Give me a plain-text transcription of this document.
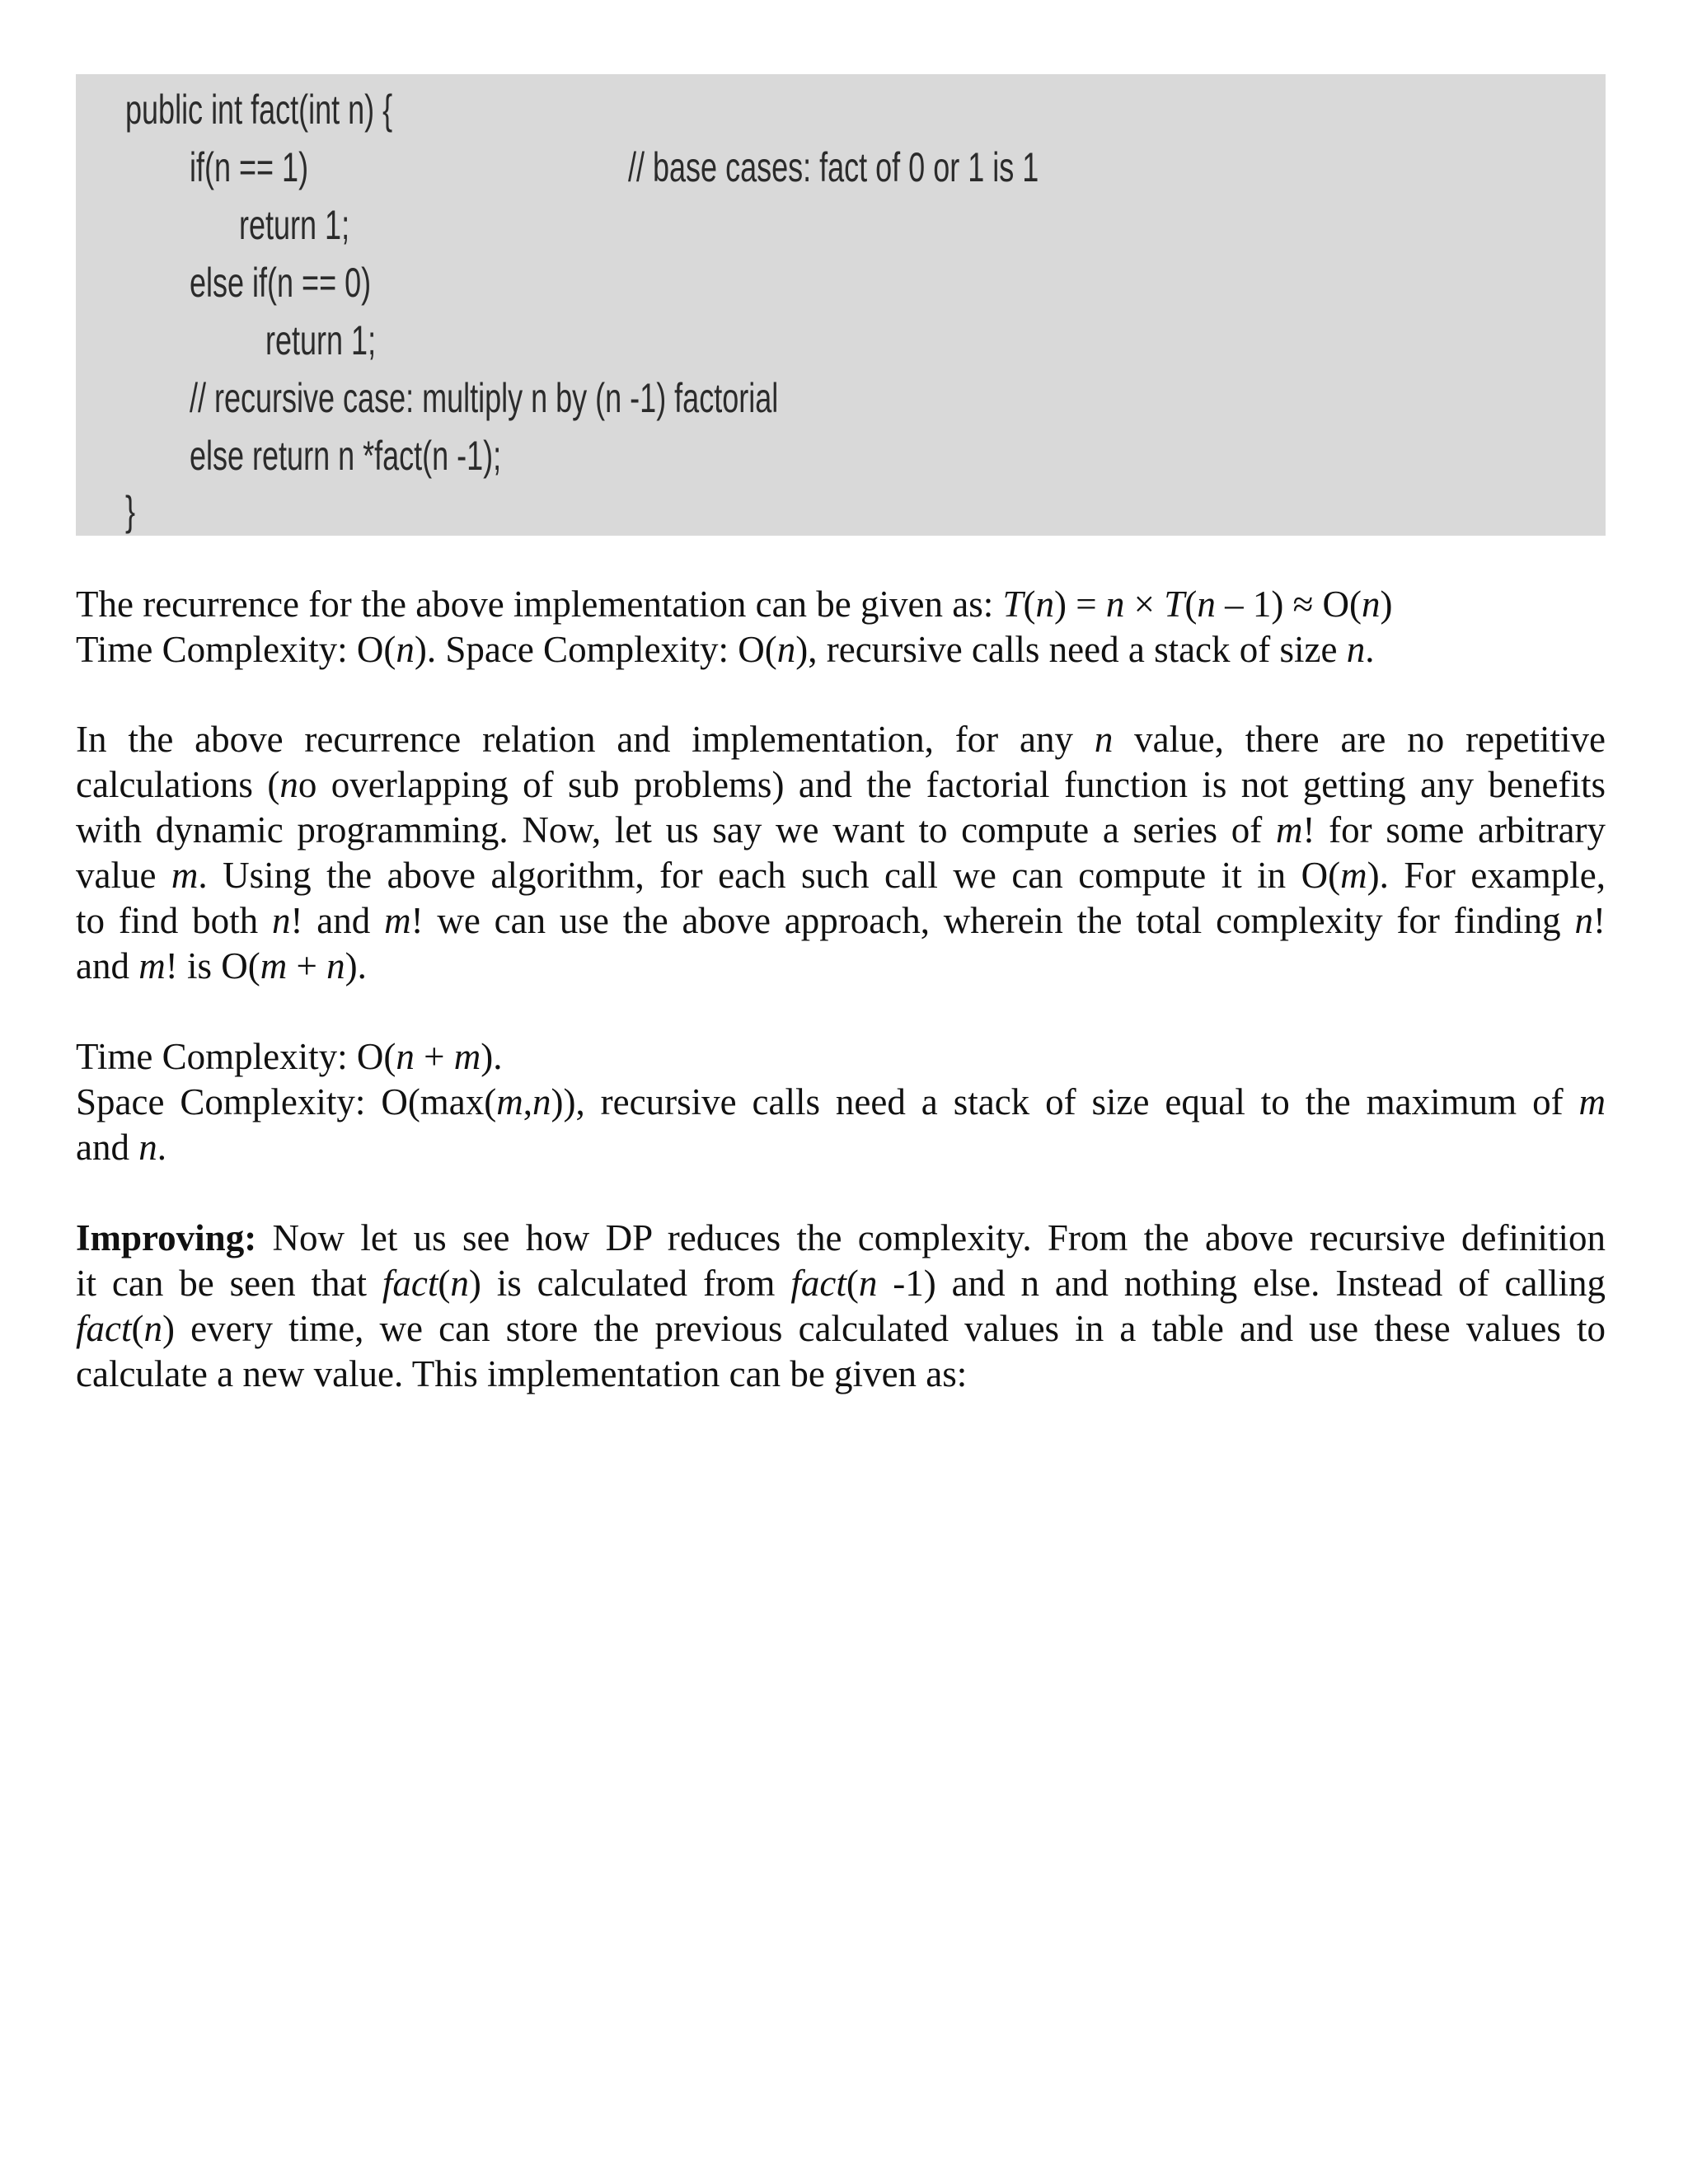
public int fact(int n) {
if(n == 1)	// base cases: fact of 0 or 1 is 1
return 1;
else if(n == 0)
return 1;
// recursive case: multiply n by (n -1) factorial
else return n *fact(n -1);
}
The recurrence for the above implementation can be given as: T(n) = n × T(n – 1) ≈ O(n)
Time Complexity: O(n). Space Complexity: O(n), recursive calls need a stack of size n.
In the above recurrence relation and implementation, for any n value, there are no repetitive
calculations (no overlapping of sub problems) and the factorial function is not getting any benefits
with dynamic programming. Now, let us say we want to compute a series of m! for some arbitrary
value m. Using the above algorithm, for each such call we can compute it in O(m). For example,
to find both n! and m! we can use the above approach, wherein the total complexity for finding n!
and m! is O(m + n).
Time Complexity: O(n + m).
Space Complexity: O(max(m,n)), recursive calls need a stack of size equal to the maximum of m
and n.
Improving: Now let us see how DP reduces the complexity. From the above recursive definition
it can be seen that fact(n) is calculated from fact(n -1) and n and nothing else. Instead of calling
fact(n) every time, we can store the previous calculated values in a table and use these values to
calculate a new value. This implementation can be given as:
